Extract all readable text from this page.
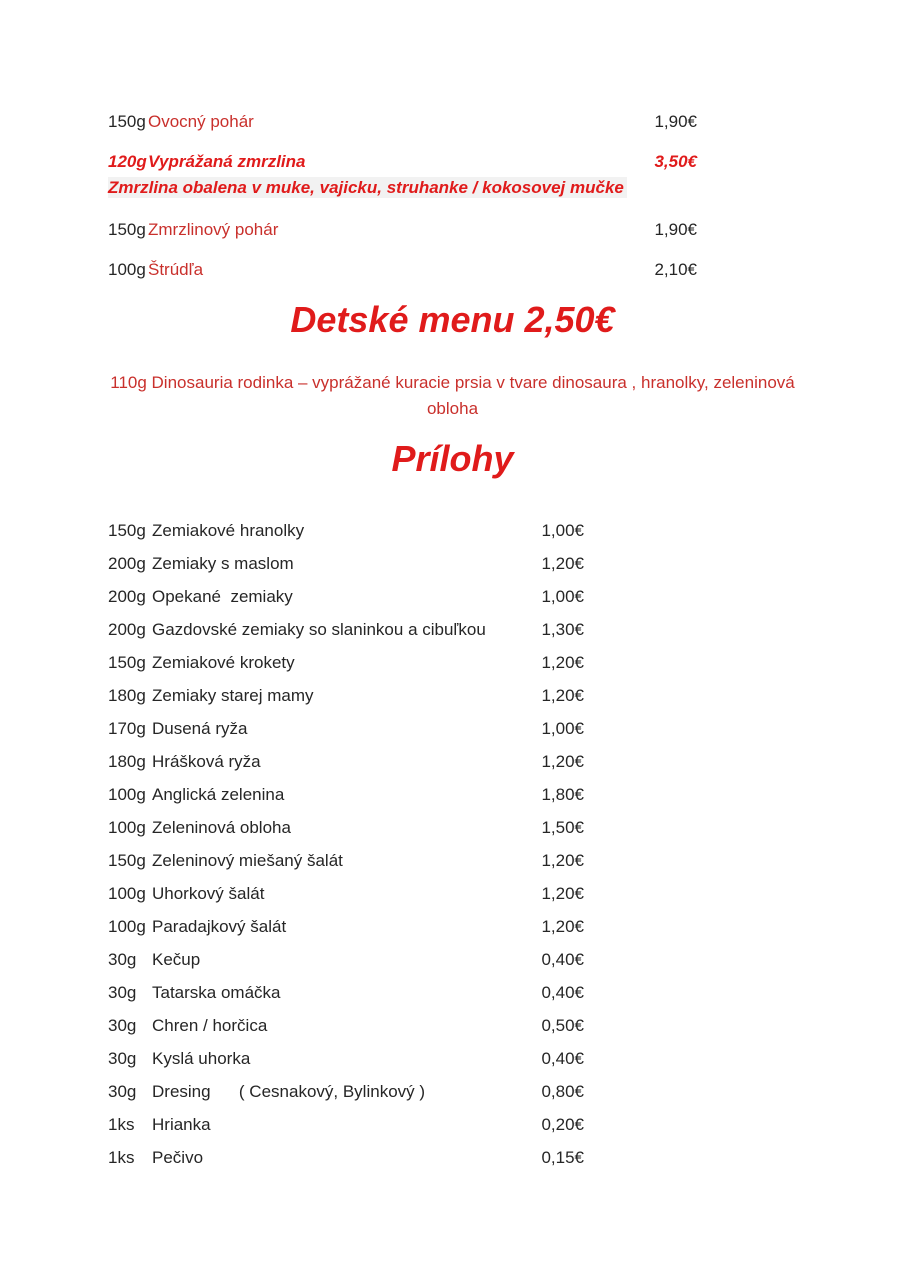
150g Ovocný pohár	1,90€
120gVyprážaná zmrzlina	3,50€
Zmrzlina obalena v muke, vajicku, struhanke / kokosovej mučke
150g Zmrzlinový pohár	1,90€
100g Štrúdľa	2,10€
Detské menu 2,50€
110g Dinosauria rodinka – vyprážané kuracie prsia v tvare dinosaura , hranolky, zeleninová
obloha
Prílohy
150g Zemiakové hranolky	1,00€
200g Zemiaky s maslom	1,20€
200g Opekané  zemiaky	1,00€
200g Gazdovské zemiaky so slaninkou a cibuľkou	1,30€
150g Zemiakové krokety	1,20€
180g Zemiaky starej mamy	1,20€
170g Dusená ryža	1,00€
180g Hrášková ryža	1,20€
100g Anglická zelenina	1,80€
100g Zeleninová obloha	1,50€
150g Zeleninový miešaný šalát	1,20€
100g Uhorkový šalát	1,20€
100g Paradajkový šalát	1,20€
30g Kečup	0,40€
30g Tatarska omáčka	0,40€
30g Chren / horčica	0,50€
30g Kyslá uhorka	0,40€
30g Dresing      ( Cesnakový, Bylinkový )	0,80€
1ks Hrianka	0,20€
1ks Pečivo	0,15€
